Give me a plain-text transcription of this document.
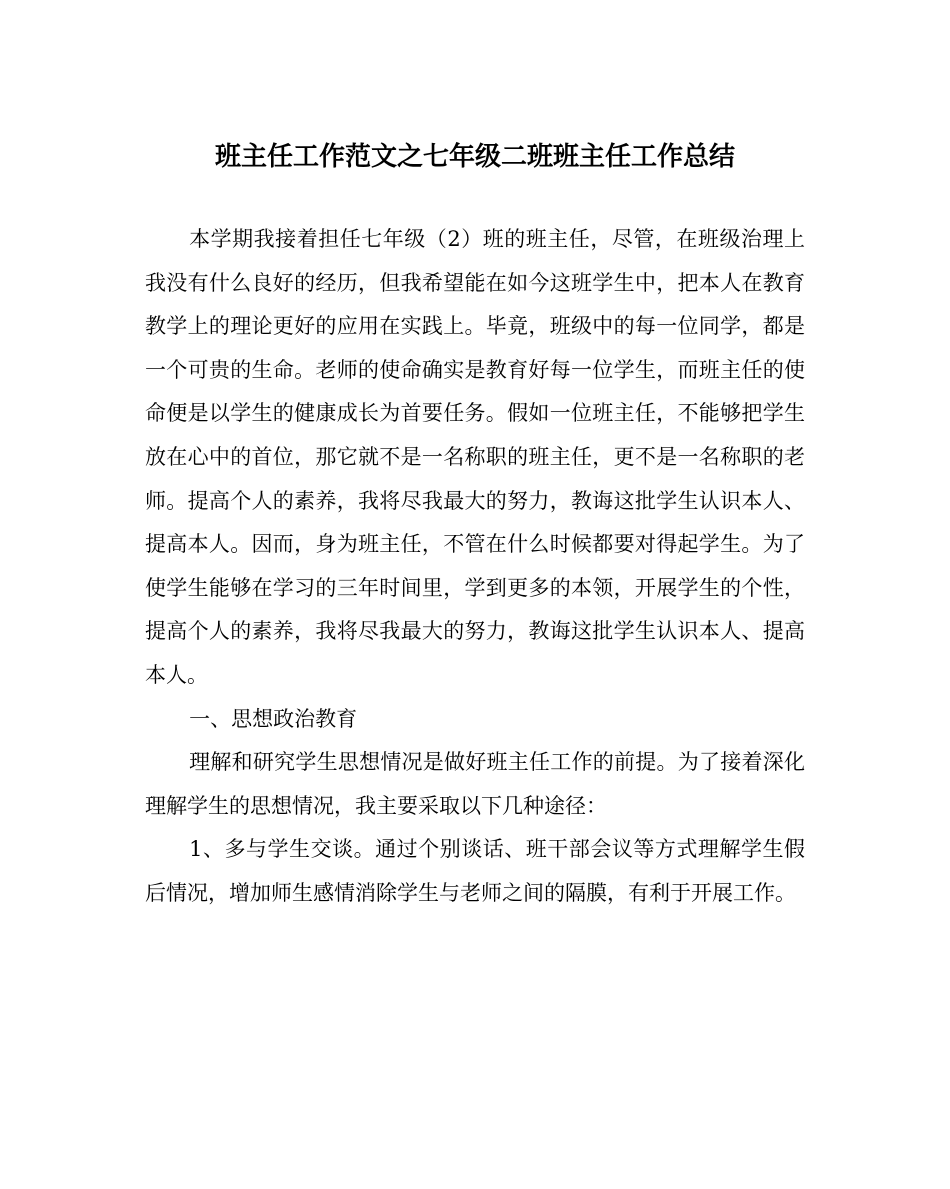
班主任工作范文之七年级二班班主任工作总结

本学期我接着担任七年级（2）班的班主任，尽管，在班级治理上我没有什么良好的经历，但我希望能在如今这班学生中，把本人在教育教学上的理论更好的应用在实践上。毕竟，班级中的每一位同学，都是一个可贵的生命。老师的使命确实是教育好每一位学生，而班主任的使命便是以学生的健康成长为首要任务。假如一位班主任，不能够把学生放在心中的首位，那它就不是一名称职的班主任，更不是一名称职的老师。提高个人的素养，我将尽我最大的努力，教诲这批学生认识本人、提高本人。因而，身为班主任，不管在什么时候都要对得起学生。为了使学生能够在学习的三年时间里，学到更多的本领，开展学生的个性，提高个人的素养，我将尽我最大的努力，教诲这批学生认识本人、提高本人。

一、思想政治教育

理解和研究学生思想情况是做好班主任工作的前提。为了接着深化理解学生的思想情况，我主要采取以下几种途径：

1、多与学生交谈。通过个别谈话、班干部会议等方式理解学生假后情况，增加师生感情消除学生与老师之间的隔膜，有利于开展工作。
